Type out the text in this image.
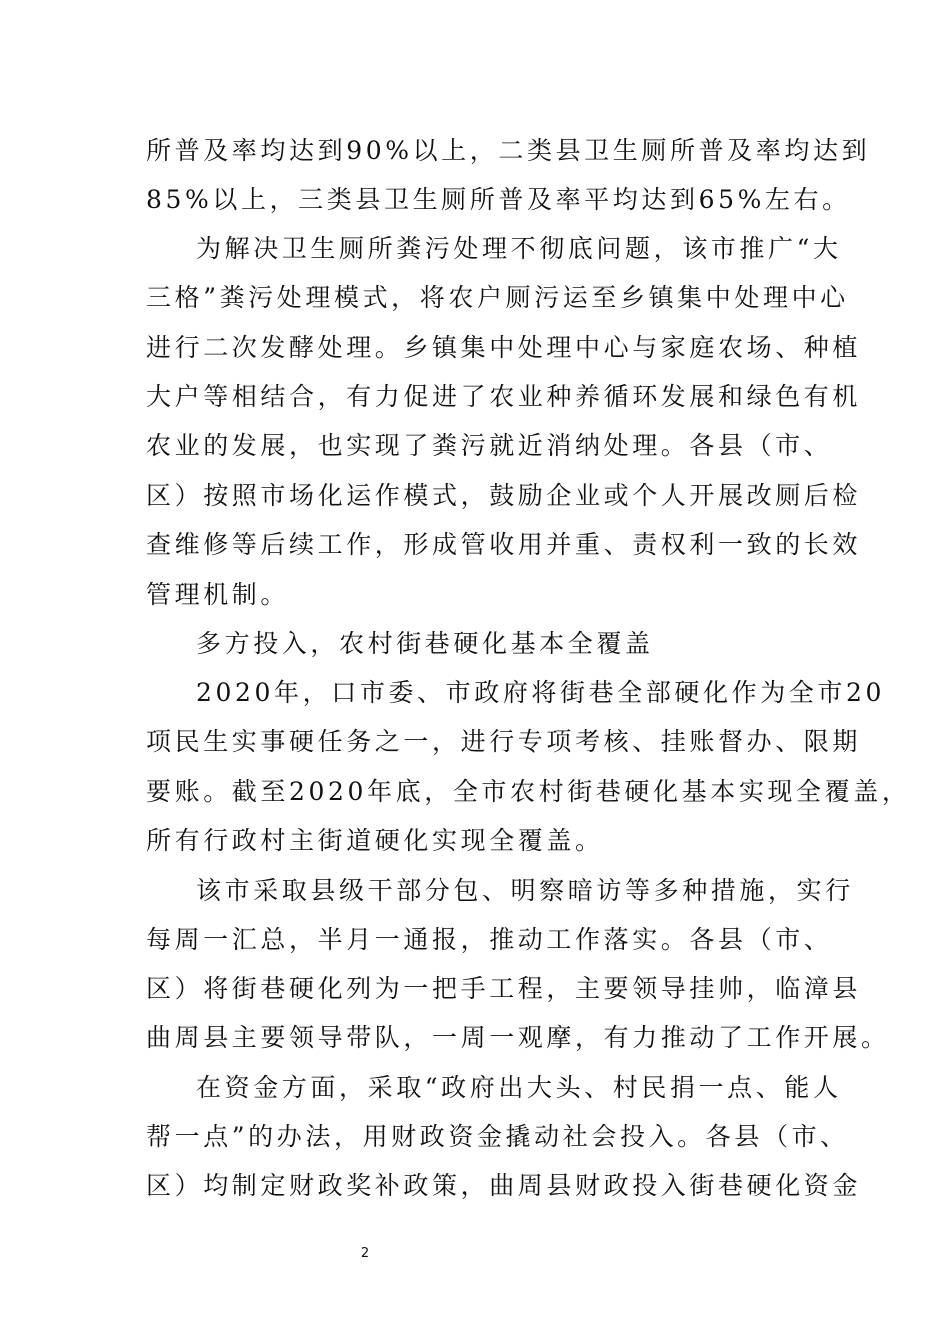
所普及率均达到90%以上，二类县卫生厕所普及率均达到
85%以上，三类县卫生厕所普及率平均达到65%左右。
为解决卫生厕所粪污处理不彻底问题，该市推广“大
三格”粪污处理模式，将农户厕污运至乡镇集中处理中心
进行二次发酵处理。乡镇集中处理中心与家庭农场、种植
大户等相结合，有力促进了农业种养循环发展和绿色有机
农业的发展，也实现了粪污就近消纳处理。各县（市、
区）按照市场化运作模式，鼓励企业或个人开展改厕后检
查维修等后续工作，形成管收用并重、责权利一致的长效
管理机制。
多方投入，农村街巷硬化基本全覆盖
2020年，口市委、市政府将街巷全部硬化作为全市20
项民生实事硬任务之一，进行专项考核、挂账督办、限期
要账。截至2020年底，全市农村街巷硬化基本实现全覆盖，
所有行政村主街道硬化实现全覆盖。
该市采取县级干部分包、明察暗访等多种措施，实行
每周一汇总，半月一通报，推动工作落实。各县（市、
区）将街巷硬化列为一把手工程，主要领导挂帅，临漳县
曲周县主要领导带队，一周一观摩，有力推动了工作开展。
在资金方面，采取“政府出大头、村民捐一点、能人
帮一点”的办法，用财政资金撬动社会投入。各县（市、
区）均制定财政奖补政策，曲周县财政投入街巷硬化资金
2
